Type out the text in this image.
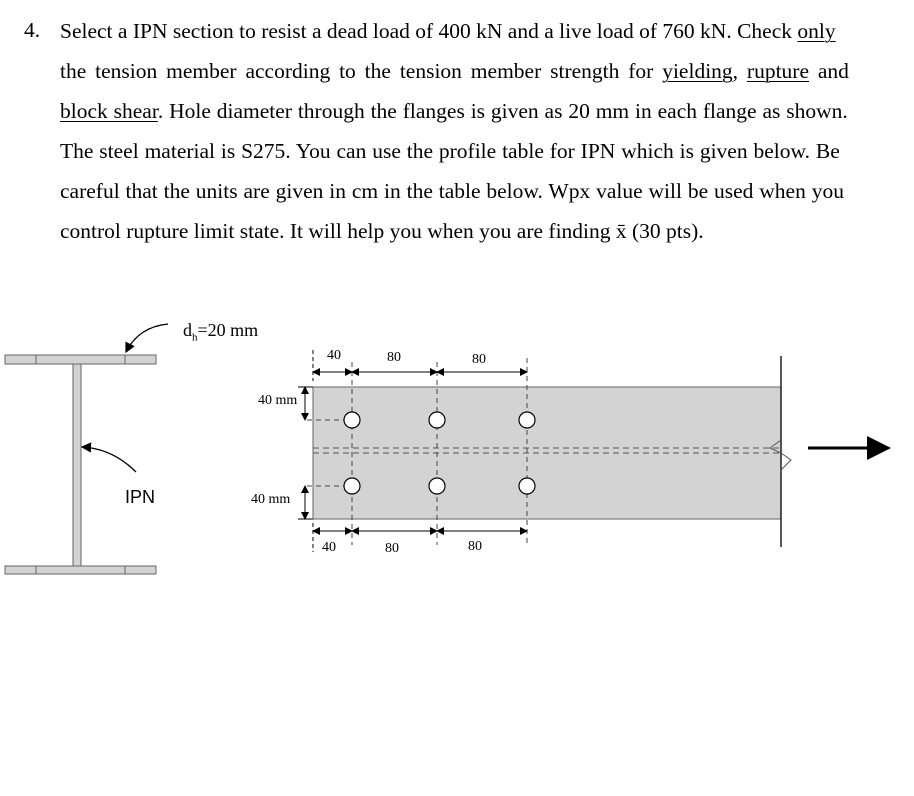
4. Select a IPN section to resist a dead load of 400 kN and a live load of 760 kN. Check only
the tension member according to the tension member strength for yielding, rupture and
block shear. Hole diameter through the flanges is given as 20 mm in each flange as shown.
The steel material is S275. You can use the profile table for IPN which is given below. Be
careful that the units are given in cm in the table below. Wpx value will be used when you
control rupture limit state. It will help you when you are finding x̄ (30 pts).
IPN
$d_h=20$ mm
40 mm
40 mm
40	80	80
40	80	80
